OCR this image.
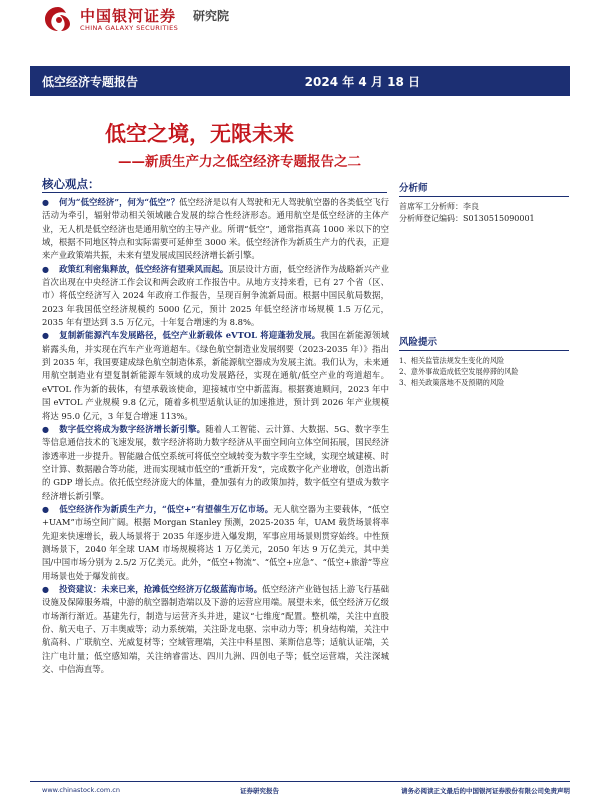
中国银河证券
CHINA GALAXY SECURITIES
研究院
低空经济专题报告	2024 年 4 月 18 日
低空之境，无限未来
——新质生产力之低空经济专题报告之二
核心观点：

● 何为“低空经济”，何为“低空”？低空经济是以有人驾驶和无人驾驶航空器的各类低空飞行活动为牵引，辐射带动相关领域融合发展的综合性经济形态。通用航空是低空经济的主体产业，无人机是低空经济也是通用航空的主导产业。所谓“低空”，通常指真高 1000 米以下的空域，根据不同地区特点和实际需要可延伸至 3000 米。低空经济作为新质生产力的代表，正迎来产业政策端共振，未来有望发展成国民经济增长新引擎。

● 政策红利密集释放，低空经济有望乘风而起。顶层设计方面，低空经济作为战略新兴产业首次出现在中央经济工作会议和两会政府工作报告中。从地方支持来看，已有 27 个省（区、市）将低空经济写入 2024 年政府工作报告，呈现百舸争流新局面。根据中国民航局数据，2023 年我国低空经济规模约 5000 亿元，预计 2025 年低空经济市场规模 1.5 万亿元，2035 年有望达到 3.5 万亿元，十年复合增速约为 8.8%。

● 复制新能源汽车发展路径，低空产业新载体 eVTOL 将迎蓬勃发展。我国在新能源领域崭露头角，并实现在汽车产业弯道超车。《绿色航空制造业发展纲要（2023-2035 年）》指出到 2035 年，我国要建成绿色航空制造体系，新能源航空器成为发展主流。我们认为，未来通用航空制造业有望复制新能源车领域的成功发展路径，实现在通航/低空产业的弯道超车。eVTOL 作为新的载体，有望承载该使命，迎接城市空中新蓝海。根据赛迪顾问，2023 年中国 eVTOL 产业规模 9.8 亿元，随着多机型适航认证的加速推进，预计到 2026 年产业规模将达 95.0 亿元，3 年复合增速 113%。

● 数字低空将成为数字经济增长新引擎。随着人工智能、云计算、大数据、5G、数字孪生等信息通信技术的飞速发展，数字经济将助力数字经济从平面空间向立体空间拓展，国民经济渗透率进一步提升。智能融合低空系统可将低空空域转变为数字孪生空域，实现空域建模、时空计算、数据融合等功能，进而实现城市低空的“重新开发”，完成数字化产业增收，创造出新的 GDP 增长点。依托低空经济庞大的体量，叠加强有力的政策加持，数字低空有望成为数字经济增长新引擎。

● 低空经济作为新质生产力，“低空+”有望催生万亿市场。无人航空器为主要载体，“低空+UAM”市场空间广阔。根据 Morgan Stanley 预测，2025-2035 年，UAM 载货场景将率先迎来快速增长，载人场景将于 2035 年逐步进入爆发期，军事应用场景则贯穿始终。中性预测场景下，2040 年全球 UAM 市场规模将达 1 万亿美元，2050 年达 9 万亿美元，其中美国/中国市场分别为 2.5/2 万亿美元。此外，“低空+物流”、“低空+应急”、“低空+旅游”等应用场景也处于爆发前夜。

● 投资建议：未来已来，抢滩低空经济万亿级蓝海市场。低空经济产业链包括上游飞行基础设施及保障服务端，中游的航空器制造端以及下游的运营应用端。展望未来，低空经济万亿级市场渐行渐近。基建先行，制造与运营齐头并进，建议“七维度”配置。整机端，关注中直股份、航天电子、万丰奥威等；动力系统端，关注卧龙电驱、宗申动力等；机身结构端，关注中航高科、广联航空、光威复材等；空域管理端，关注中科星图、莱斯信息等；适航认证端，关注广电计量；低空感知端，关注纳睿雷达、四川九洲、四创电子等；低空运营端，关注深城交、中信海直等。

分析师
首席军工分析师：李良
分析师登记编码：S0130515090001
风险提示
1、相关监管法规发生变化的风险
2、意外事故造成低空发展停滞的风险
3、相关政策落地不及预期的风险
www.chinastock.com.cn	证券研究报告	请务必阅读正文最后的中国银河证券股份有限公司免责声明
